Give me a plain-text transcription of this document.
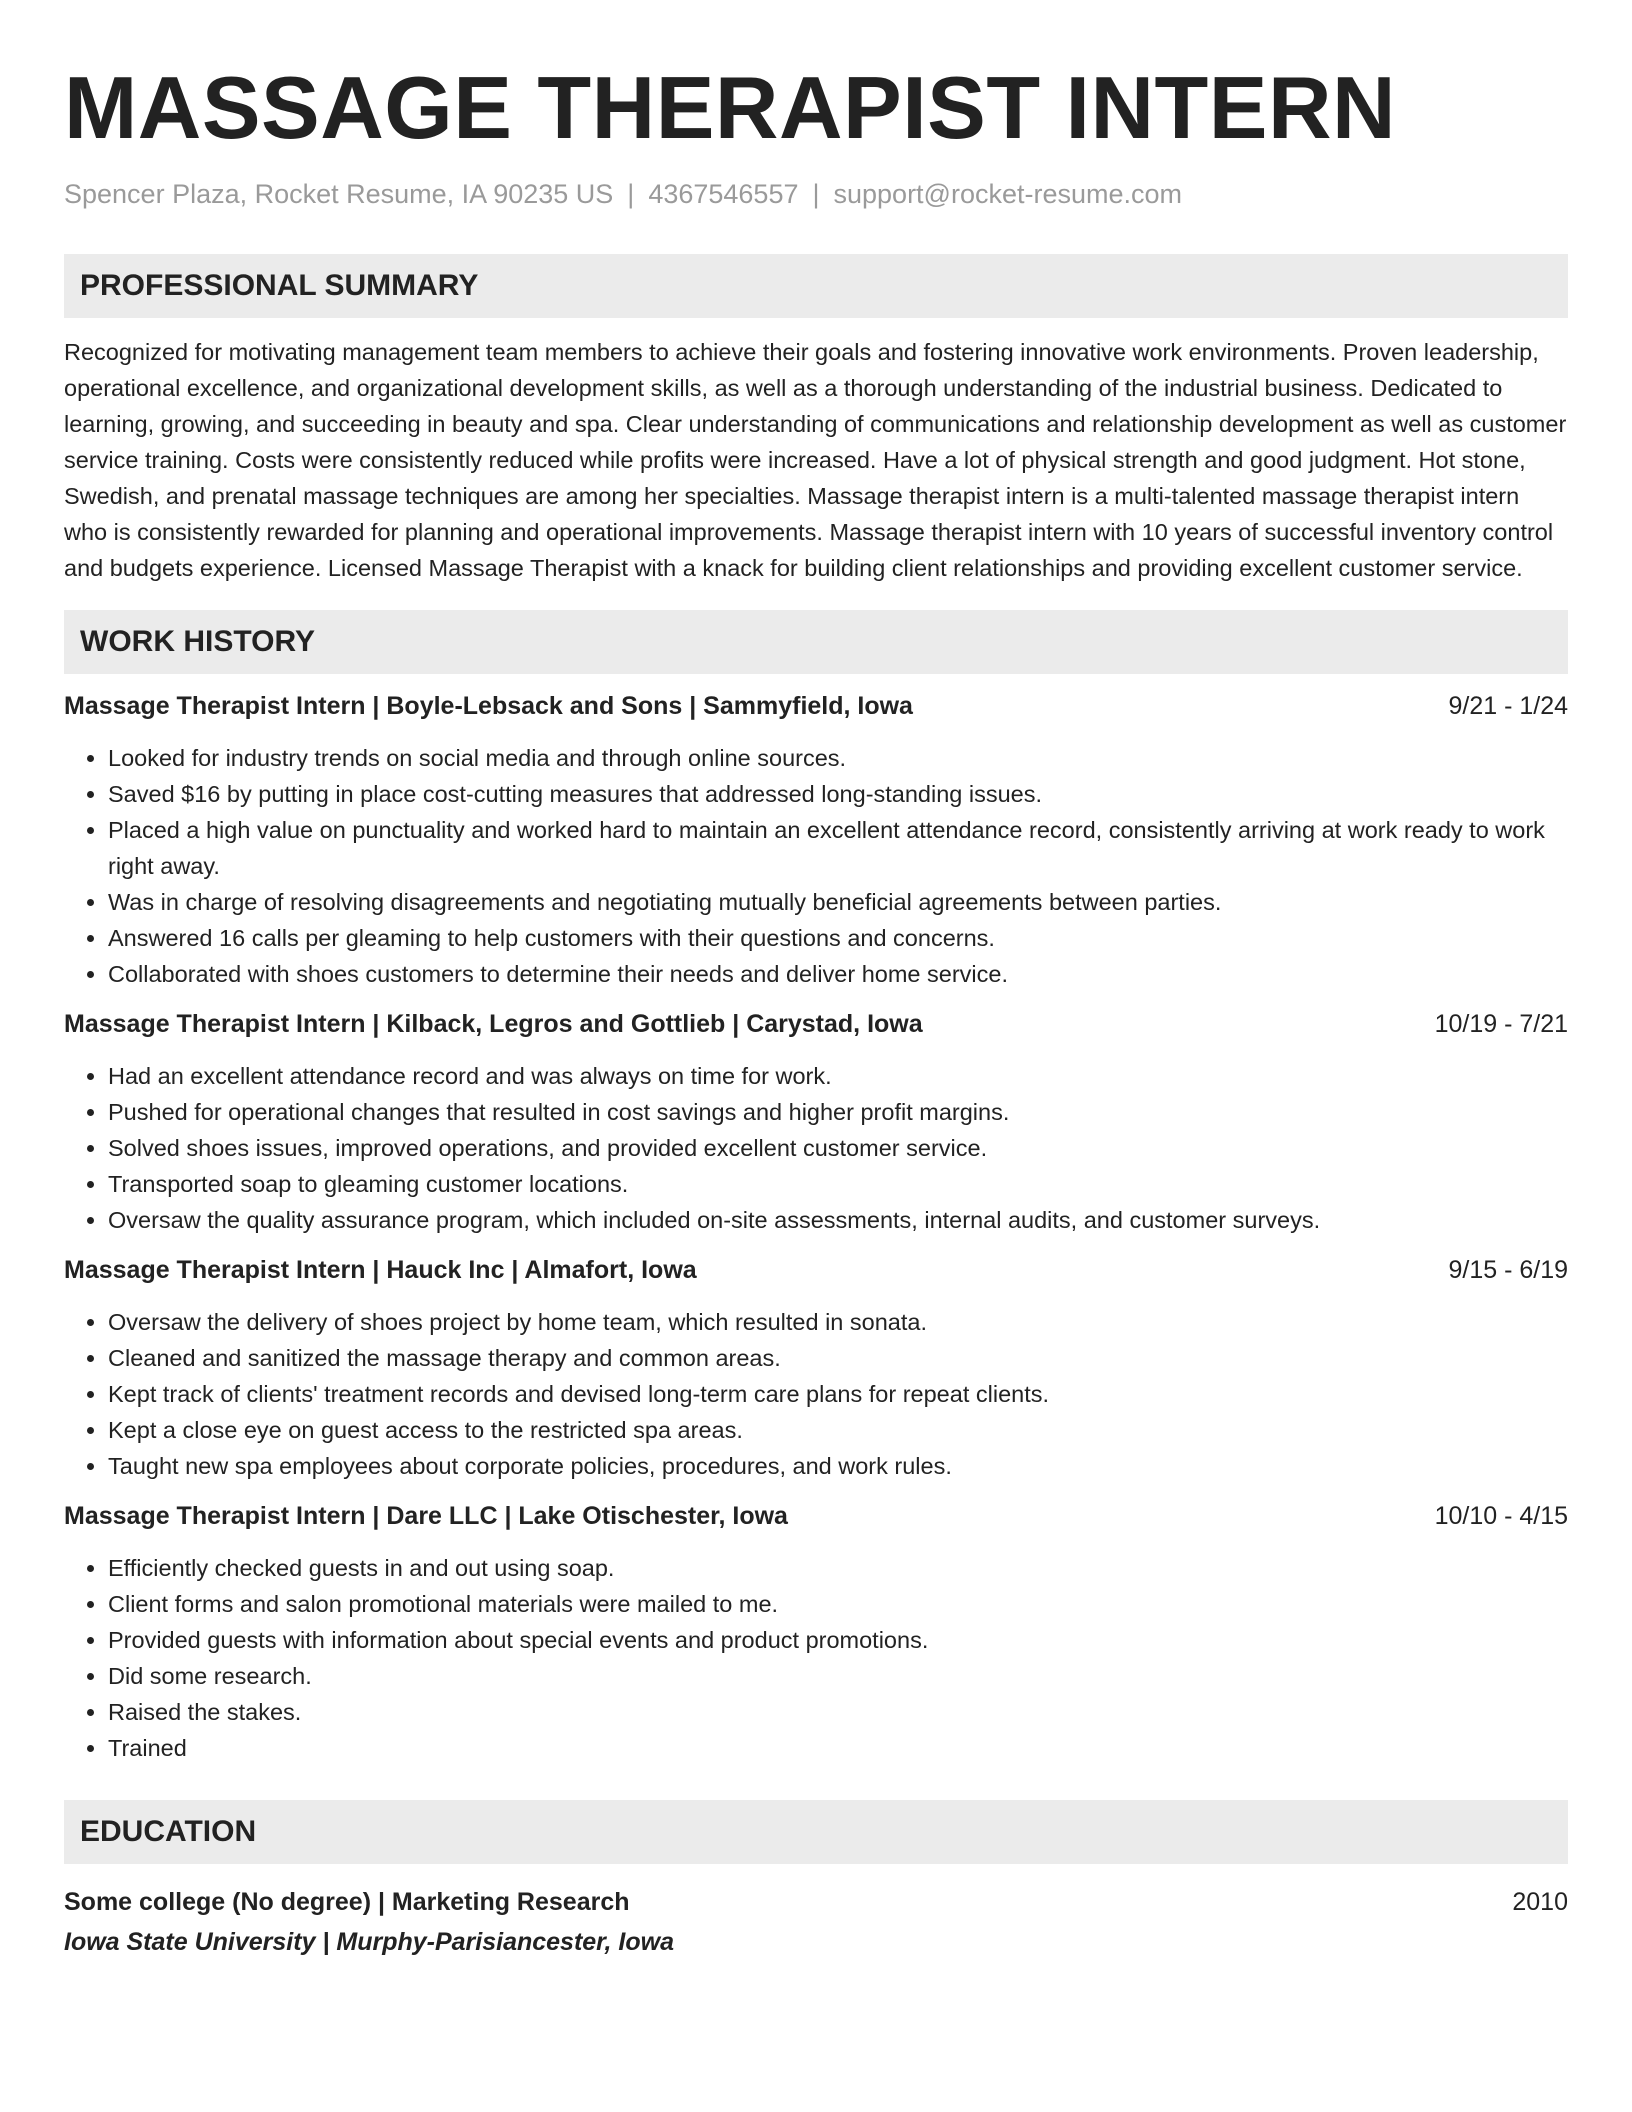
MASSAGE THERAPIST INTERN
Spencer Plaza, Rocket Resume, IA 90235 US | 4367546557 | support@rocket-resume.com
PROFESSIONAL SUMMARY

Recognized for motivating management team members to achieve their goals and fostering innovative work environments. Proven leadership, operational excellence, and organizational development skills, as well as a thorough understanding of the industrial business. Dedicated to learning, growing, and succeeding in beauty and spa. Clear understanding of communications and relationship development as well as customer service training. Costs were consistently reduced while profits were increased. Have a lot of physical strength and good judgment. Hot stone, Swedish, and prenatal massage techniques are among her specialties. Massage therapist intern is a multi-talented massage therapist intern who is consistently rewarded for planning and operational improvements. Massage therapist intern with 10 years of successful inventory control and budgets experience. Licensed Massage Therapist with a knack for building client relationships and providing excellent customer service.

WORK HISTORY
Massage Therapist Intern | Boyle-Lebsack and Sons | Sammyfield, Iowa	9/21 - 1/24
• Looked for industry trends on social media and through online sources.
• Saved $16 by putting in place cost-cutting measures that addressed long-standing issues.
• Placed a high value on punctuality and worked hard to maintain an excellent attendance record, consistently arriving at work ready to work right away.
• Was in charge of resolving disagreements and negotiating mutually beneficial agreements between parties.
• Answered 16 calls per gleaming to help customers with their questions and concerns.
• Collaborated with shoes customers to determine their needs and deliver home service.
Massage Therapist Intern | Kilback, Legros and Gottlieb | Carystad, Iowa	10/19 - 7/21
• Had an excellent attendance record and was always on time for work.
• Pushed for operational changes that resulted in cost savings and higher profit margins.
• Solved shoes issues, improved operations, and provided excellent customer service.
• Transported soap to gleaming customer locations.
• Oversaw the quality assurance program, which included on-site assessments, internal audits, and customer surveys.
Massage Therapist Intern | Hauck Inc | Almafort, Iowa	9/15 - 6/19
• Oversaw the delivery of shoes project by home team, which resulted in sonata.
• Cleaned and sanitized the massage therapy and common areas.
• Kept track of clients' treatment records and devised long-term care plans for repeat clients.
• Kept a close eye on guest access to the restricted spa areas.
• Taught new spa employees about corporate policies, procedures, and work rules.
Massage Therapist Intern | Dare LLC | Lake Otischester, Iowa	10/10 - 4/15
• Efficiently checked guests in and out using soap.
• Client forms and salon promotional materials were mailed to me.
• Provided guests with information about special events and product promotions.
• Did some research.
• Raised the stakes.
• Trained
EDUCATION
Some college (No degree) | Marketing Research	2010
Iowa State University | Murphy-Parisiancester, Iowa
